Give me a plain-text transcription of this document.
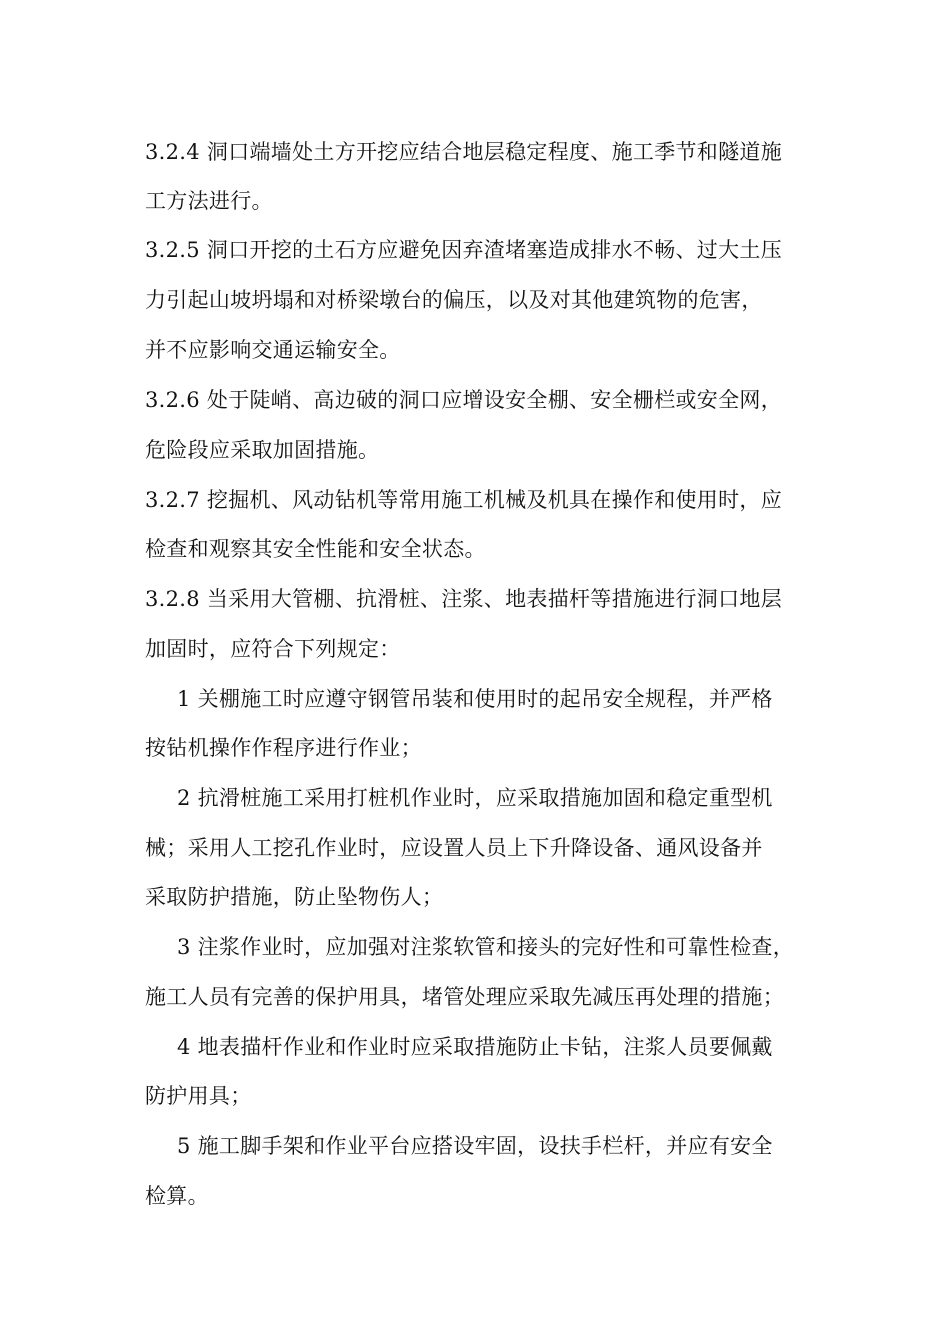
3.2.4 洞口端墙处土方开挖应结合地层稳定程度、施工季节和隧道施
工方法进行。
3.2.5 洞口开挖的土石方应避免因弃渣堵塞造成排水不畅、过大土压
力引起山坡坍塌和对桥梁墩台的偏压，以及对其他建筑物的危害，
并不应影响交通运输安全。
3.2.6 处于陡峭、高边破的洞口应增设安全棚、安全栅栏或安全网，
危险段应采取加固措施。
3.2.7 挖掘机、风动钻机等常用施工机械及机具在操作和使用时，应
检查和观察其安全性能和安全状态。
3.2.8 当采用大管棚、抗滑桩、注浆、地表描杆等措施进行洞口地层
加固时，应符合下列规定：
1 关棚施工时应遵守钢管吊装和使用时的起吊安全规程，并严格
按钻机操作作程序进行作业；
2 抗滑桩施工采用打桩机作业时，应采取措施加固和稳定重型机
械；采用人工挖孔作业时，应设置人员上下升降设备、通风设备并
采取防护措施，防止坠物伤人；
3 注浆作业时，应加强对注浆软管和接头的完好性和可靠性检查，
施工人员有完善的保护用具，堵管处理应采取先减压再处理的措施；
4 地表描杆作业和作业时应采取措施防止卡钻，注浆人员要佩戴
防护用具；
5 施工脚手架和作业平台应搭设牢固，设扶手栏杆，并应有安全
检算。
